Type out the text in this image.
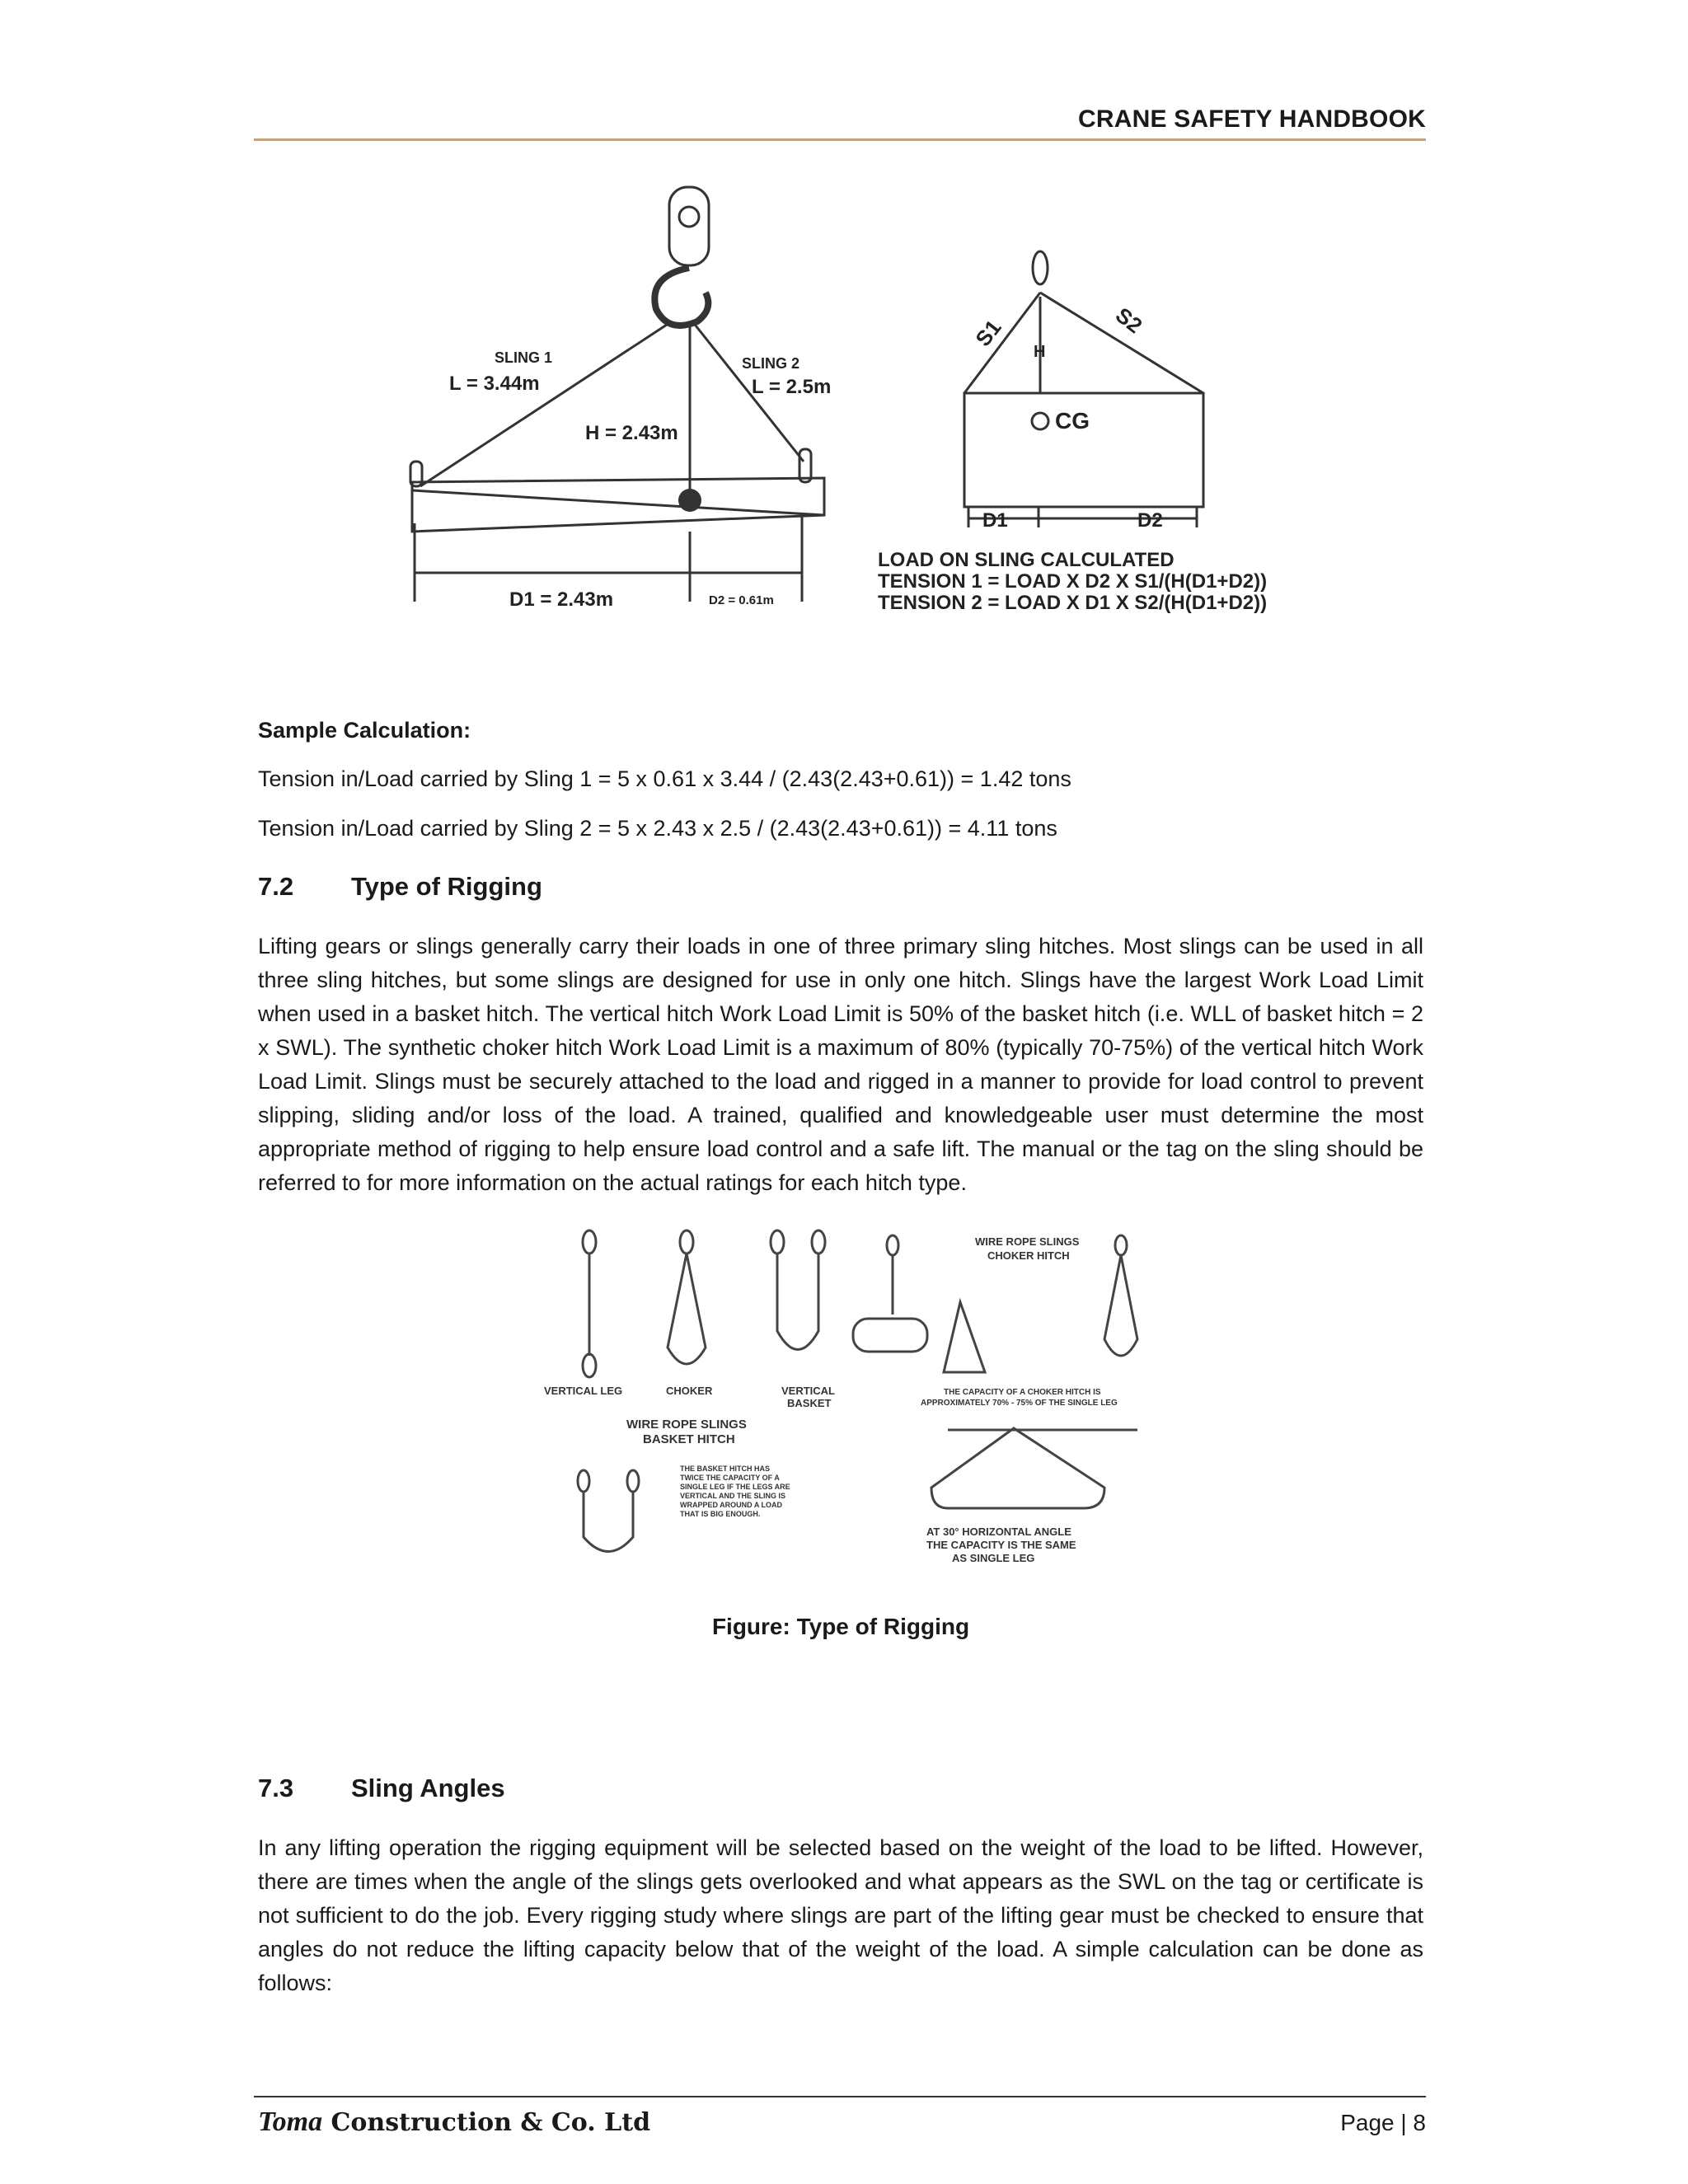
CRANE SAFETY HANDBOOK
SLING 1
L = 3.44m
SLING 2
L = 2.5m
H = 2.43m
D1 = 2.43m	D2 = 0.61m
S1	S2
H
CG
D1	D2
LOAD ON SLING CALCULATED
TENSION 1 = LOAD X D2 X S1/(H(D1+D2))
TENSION 2 = LOAD X D1 X S2/(H(D1+D2))
Sample Calculation:
Tension in/Load carried by Sling 1 = 5 x 0.61 x 3.44 / (2.43(2.43+0.61)) = 1.42 tons
Tension in/Load carried by Sling 2 = 5 x 2.43 x 2.5 / (2.43(2.43+0.61)) = 4.11 tons
7.2 Type of Rigging
Lifting gears or slings generally carry their loads in one of three primary sling hitches. Most slings can be used in all three sling hitches, but some slings are designed for use in only one hitch. Slings have the largest Work Load Limit when used in a basket hitch. The vertical hitch Work Load Limit is 50% of the basket hitch (i.e. WLL of basket hitch = 2 x SWL). The synthetic choker hitch Work Load Limit is a maximum of 80% (typically 70-75%) of the vertical hitch Work Load Limit. Slings must be securely attached to the load and rigged in a manner to provide for load control to prevent slipping, sliding and/or loss of the load. A trained, qualified and knowledgeable user must determine the most appropriate method of rigging to help ensure load control and a safe lift. The manual or the tag on the sling should be referred to for more information on the actual ratings for each hitch type.
VERTICAL LEG	CHOKER	VERTICAL
BASKET
WIRE ROPE SLINGS
CHOKER HITCH
THE CAPACITY OF A CHOKER HITCH IS
APPROXIMATELY 70% - 75% OF THE SINGLE LEG
WIRE ROPE SLINGS
BASKET HITCH
THE BASKET HITCH HAS
TWICE THE CAPACITY OF A
SINGLE LEG IF THE LEGS ARE
VERTICAL AND THE SLING IS
WRAPPED AROUND A LOAD
THAT IS BIG ENOUGH.
AT 30° HORIZONTAL ANGLE
THE CAPACITY IS THE SAME
AS SINGLE LEG
Figure: Type of Rigging
7.3 Sling Angles
In any lifting operation the rigging equipment will be selected based on the weight of the load to be lifted. However, there are times when the angle of the slings gets overlooked and what appears as the SWL on the tag or certificate is not sufficient to do the job. Every rigging study where slings are part of the lifting gear must be checked to ensure that angles do not reduce the lifting capacity below that of the weight of the load. A simple calculation can be done as follows:
Toma Construction & Co. Ltd	Page | 8
